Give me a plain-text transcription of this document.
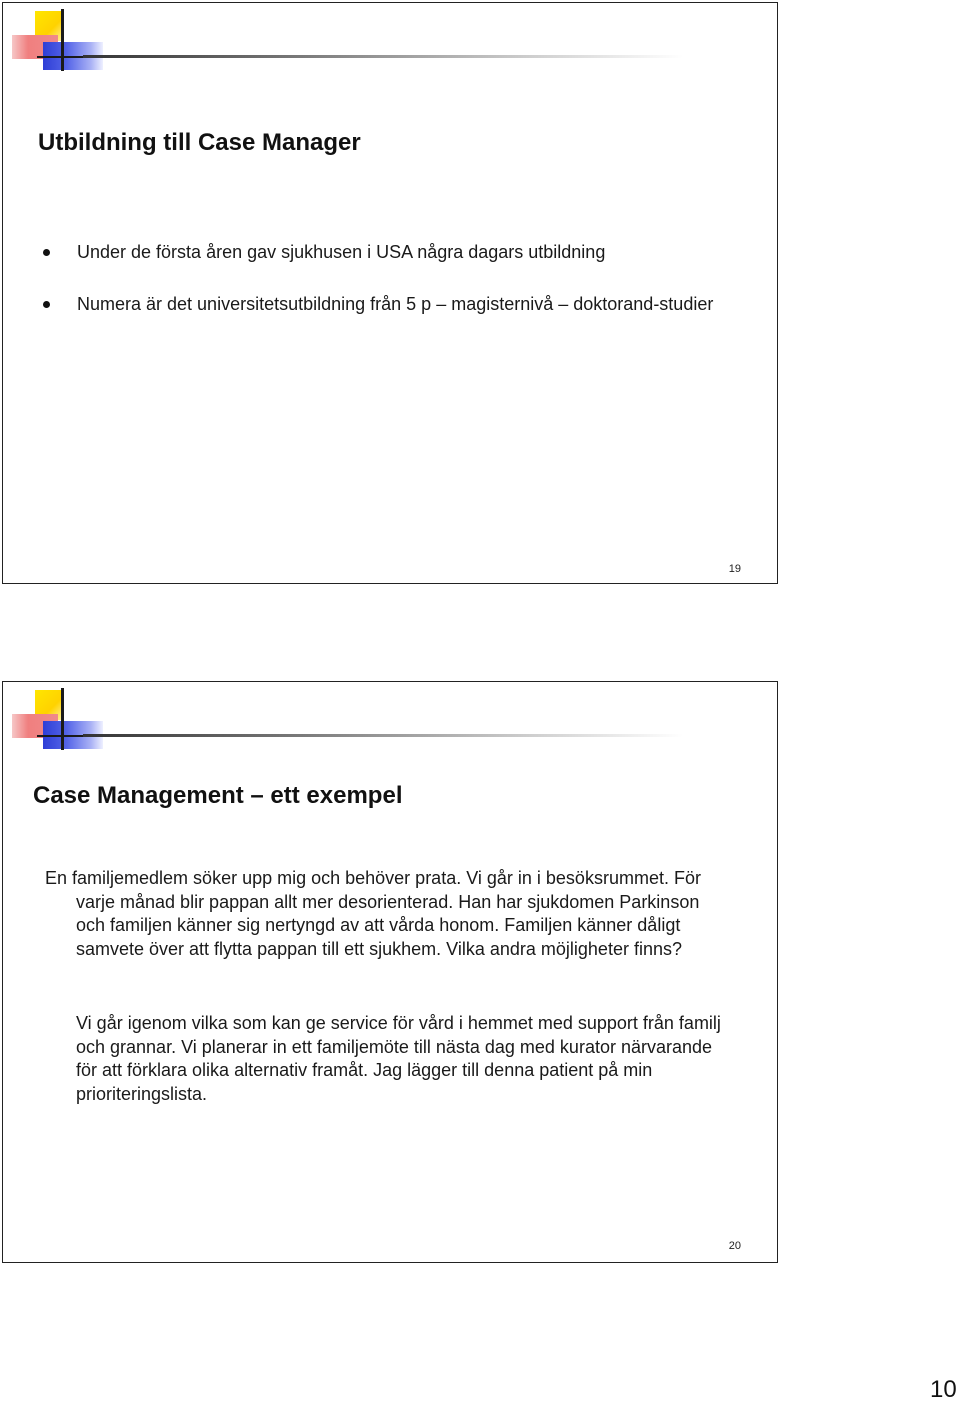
Utbildning till Case Manager
Under de första åren gav sjukhusen i USA några dagars utbildning
Numera är det universitetsutbildning från 5 p – magisternivå – doktorand-studier
19
Case Management – ett exempel

En familjemedlem söker upp mig och behöver prata. Vi går in i besöksrummet. För varje månad blir pappan allt mer desorienterad. Han har sjukdomen Parkinson och familjen känner sig nertyngd av att vårda honom. Familjen känner dåligt samvete över att flytta pappan till ett sjukhem. Vilka andra möjligheter finns?

Vi går igenom vilka som kan ge service för vård i hemmet med support från familj och grannar. Vi planerar in ett familjemöte till nästa dag med kurator närvarande för att förklara olika alternativ framåt. Jag lägger till denna patient på min prioriteringslista.

20
10
